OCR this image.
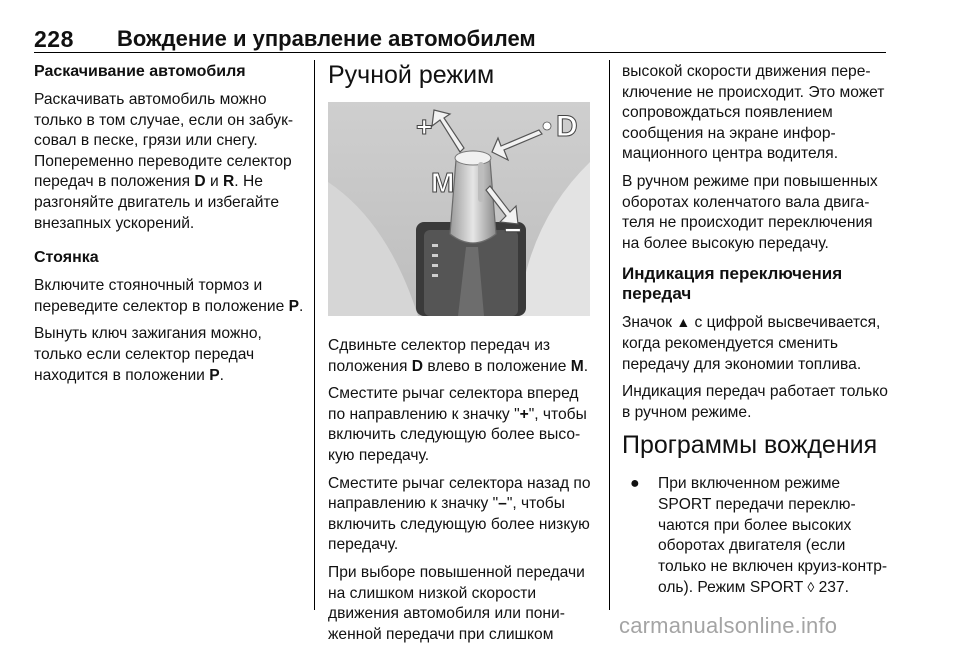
228 Вождение и управление автомобилем
Раскачивание автомобиля

Раскачивать автомобиль можно только в том случае, если он забуксовал в песке, грязи или снегу. Попеременно переводите селектор передач в положения D и R. Не разгоняйте двигатель и избегайте внезапных ускорений.

Стоянка

Включите стояночный тормоз и переведите селектор в положение P.

Вынуть ключ зажигания можно, только если селектор передач находится в положении P.

Ручной режим
+	D
M
−

Сдвиньте селектор передач из положения D влево в положение M.

Сместите рычаг селектора вперед по направлению к значку "+", чтобы включить следующую более высокую передачу.

Сместите рычаг селектора назад по направлению к значку "–", чтобы включить следующую более низкую передачу.

При выборе повышенной передачи на слишком низкой скорости движения автомобиля или пониженной передачи при слишком

высокой скорости движения переключение не происходит. Это может сопровождаться появлением сообщения на экране информационного центра водителя.

В ручном режиме при повышенных оборотах коленчатого вала двигателя не происходит переключения на более высокую передачу.

Индикация переключения передач

Значок ▲ с цифрой высвечивается, когда рекомендуется сменить передачу для экономии топлива.

Индикация передач работает только в ручном режиме.

Программы вождения
● При включенном режиме SPORT передачи переключаются при более высоких оборотах двигателя (если только не включен круиз-контроль). Режим SPORT ◊ 237.
carmanualsonline.info
